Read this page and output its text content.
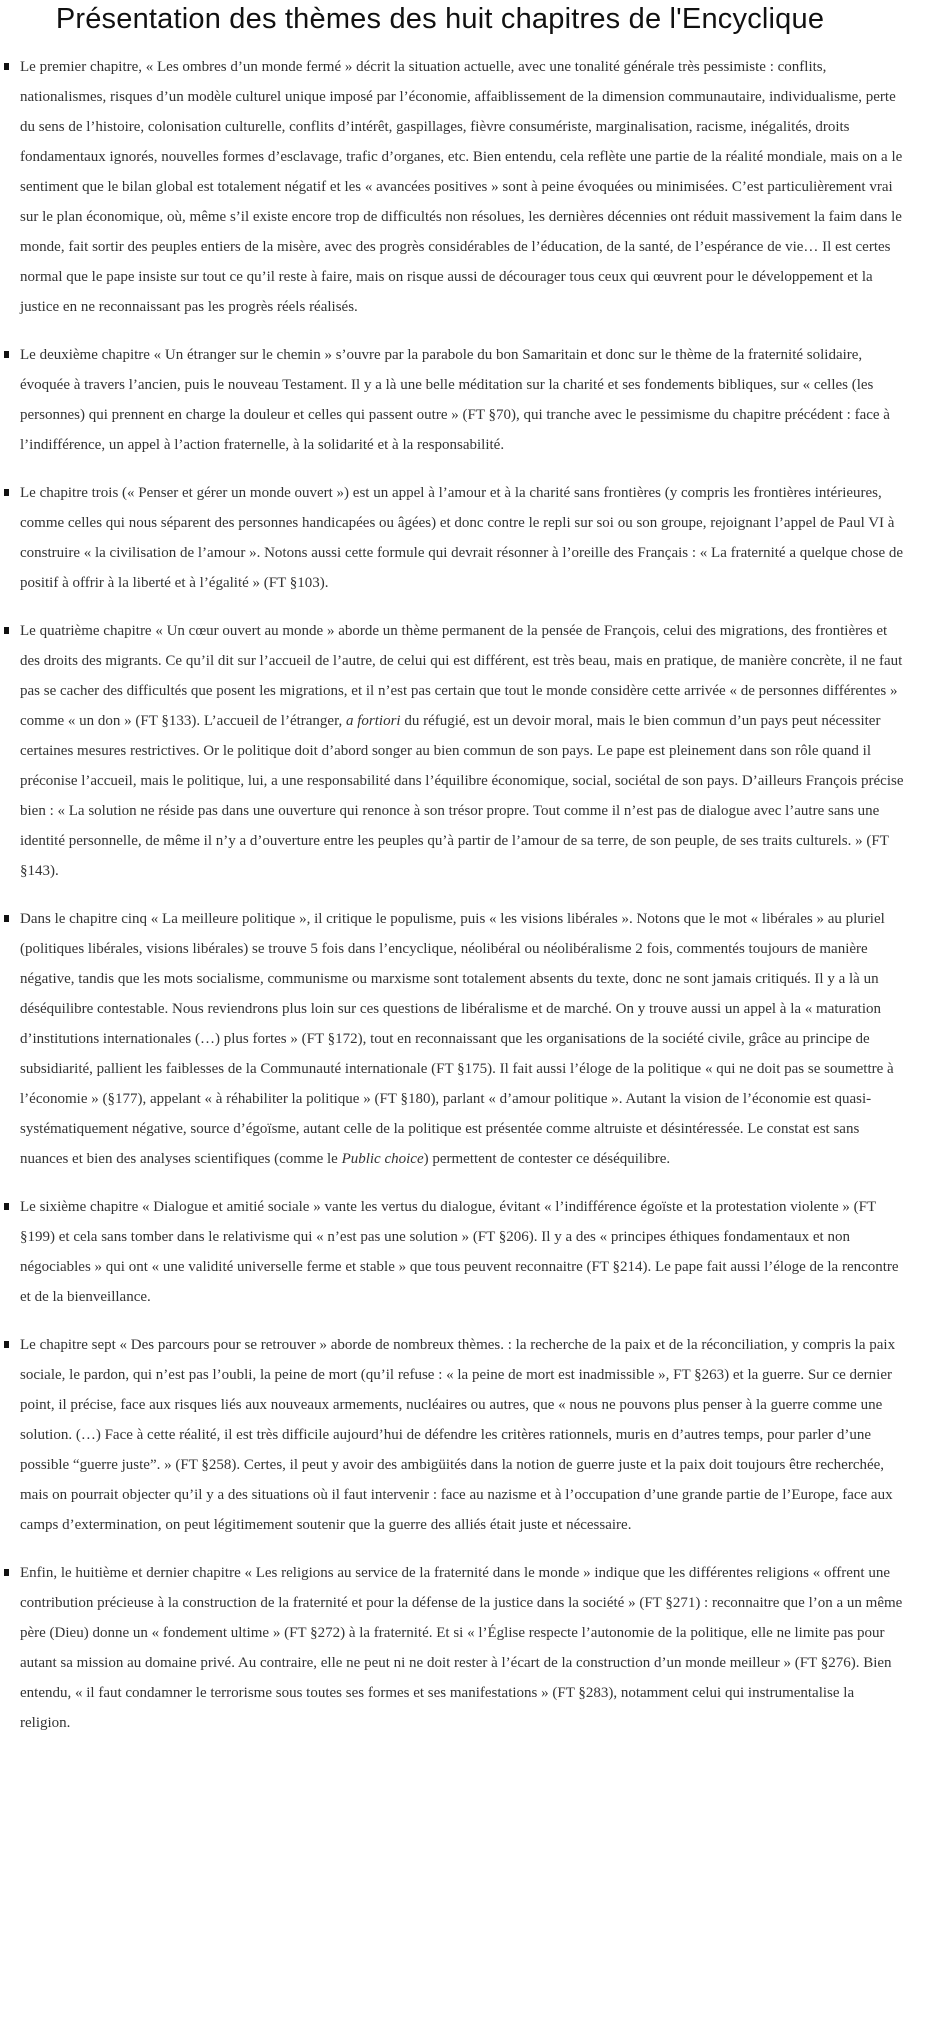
Présentation des thèmes des huit chapitres de l'Encyclique
Le premier chapitre, « Les ombres d’un monde fermé » décrit la situation actuelle, avec une tonalité générale très pessimiste : conflits, nationalismes, risques d’un modèle culturel unique imposé par l’économie, affaiblissement de la dimension communautaire, individualisme, perte du sens de l’histoire, colonisation culturelle, conflits d’intérêt, gaspillages, fièvre consumériste, marginalisation, racisme, inégalités, droits fondamentaux ignorés, nouvelles formes d’esclavage, trafic d’organes, etc. Bien entendu, cela reflète une partie de la réalité mondiale, mais on a le sentiment que le bilan global est totalement négatif et les « avancées positives » sont à peine évoquées ou minimisées. C’est particulièrement vrai sur le plan économique, où, même s’il existe encore trop de difficultés non résolues, les dernières décennies ont réduit massivement la faim dans le monde, fait sortir des peuples entiers de la misère, avec des progrès considérables de l’éducation, de la santé, de l’espérance de vie… Il est certes normal que le pape insiste sur tout ce qu’il reste à faire, mais on risque aussi de décourager tous ceux qui œuvrent pour le développement et la justice en ne reconnaissant pas les progrès réels réalisés.
Le deuxième chapitre « Un étranger sur le chemin » s’ouvre par la parabole du bon Samaritain et donc sur le thème de la fraternité solidaire, évoquée à travers l’ancien, puis le nouveau Testament. Il y a là une belle méditation sur la charité et ses fondements bibliques, sur « celles (les personnes) qui prennent en charge la douleur et celles qui passent outre » (FT §70), qui tranche avec le pessimisme du chapitre précédent : face à l’indifférence, un appel à l’action fraternelle, à la solidarité et à la responsabilité.
Le chapitre trois (« Penser et gérer un monde ouvert ») est un appel à l’amour et à la charité sans frontières (y compris les frontières intérieures, comme celles qui nous séparent des personnes handicapées ou âgées) et donc contre le repli sur soi ou son groupe, rejoignant l’appel de Paul VI à construire « la civilisation de l’amour ». Notons aussi cette formule qui devrait résonner à l’oreille des Français : « La fraternité a quelque chose de positif à offrir à la liberté et à l’égalité » (FT §103).
Le quatrième chapitre « Un cœur ouvert au monde » aborde un thème permanent de la pensée de François, celui des migrations, des frontières et des droits des migrants. Ce qu’il dit sur l’accueil de l’autre, de celui qui est différent, est très beau, mais en pratique, de manière concrète, il ne faut pas se cacher des difficultés que posent les migrations, et il n’est pas certain que tout le monde considère cette arrivée « de personnes différentes » comme « un don » (FT §133). L’accueil de l’étranger, a fortiori du réfugié, est un devoir moral, mais le bien commun d’un pays peut nécessiter certaines mesures restrictives. Or le politique doit d’abord songer au bien commun de son pays. Le pape est pleinement dans son rôle quand il préconise l’accueil, mais le politique, lui, a une responsabilité dans l’équilibre économique, social, sociétal de son pays. D’ailleurs François précise bien : « La solution ne réside pas dans une ouverture qui renonce à son trésor propre. Tout comme il n’est pas de dialogue avec l’autre sans une identité personnelle, de même il n’y a d’ouverture entre les peuples qu’à partir de l’amour de sa terre, de son peuple, de ses traits culturels. » (FT §143).
Dans le chapitre cinq « La meilleure politique », il critique le populisme, puis « les visions libérales ». Notons que le mot « libérales » au pluriel (politiques libérales, visions libérales) se trouve 5 fois dans l’encyclique, néolibéral ou néolibéralisme 2 fois, commentés toujours de manière négative, tandis que les mots socialisme, communisme ou marxisme sont totalement absents du texte, donc ne sont jamais critiqués. Il y a là un déséquilibre contestable. Nous reviendrons plus loin sur ces questions de libéralisme et de marché. On y trouve aussi un appel à la « maturation d’institutions internationales (…) plus fortes » (FT §172), tout en reconnaissant que les organisations de la société civile, grâce au principe de subsidiarité, pallient les faiblesses de la Communauté internationale (FT §175). Il fait aussi l’éloge de la politique « qui ne doit pas se soumettre à l’économie » (§177), appelant « à réhabiliter la politique » (FT §180), parlant « d’amour politique ». Autant la vision de l’économie est quasi-systématiquement négative, source d’égoïsme, autant celle de la politique est présentée comme altruiste et désintéressée. Le constat est sans nuances et bien des analyses scientifiques (comme le Public choice) permettent de contester ce déséquilibre.
Le sixième chapitre « Dialogue et amitié sociale » vante les vertus du dialogue, évitant « l’indifférence égoïste et la protestation violente » (FT §199) et cela sans tomber dans le relativisme qui « n’est pas une solution » (FT §206). Il y a des « principes éthiques fondamentaux et non négociables » qui ont « une validité universelle ferme et stable » que tous peuvent reconnaitre (FT §214). Le pape fait aussi l’éloge de la rencontre et de la bienveillance.
Le chapitre sept « Des parcours pour se retrouver » aborde de nombreux thèmes. : la recherche de la paix et de la réconciliation, y compris la paix sociale, le pardon, qui n’est pas l’oubli, la peine de mort (qu’il refuse : « la peine de mort est inadmissible », FT §263) et la guerre. Sur ce dernier point, il précise, face aux risques liés aux nouveaux armements, nucléaires ou autres, que « nous ne pouvons plus penser à la guerre comme une solution. (…) Face à cette réalité, il est très difficile aujourd’hui de défendre les critères rationnels, muris en d’autres temps, pour parler d’une possible “guerre juste”. » (FT §258). Certes, il peut y avoir des ambigüités dans la notion de guerre juste et la paix doit toujours être recherchée, mais on pourrait objecter qu’il y a des situations où il faut intervenir : face au nazisme et à l’occupation d’une grande partie de l’Europe, face aux camps d’extermination, on peut légitimement soutenir que la guerre des alliés était juste et nécessaire.
Enfin, le huitième et dernier chapitre « Les religions au service de la fraternité dans le monde » indique que les différentes religions « offrent une contribution précieuse à la construction de la fraternité et pour la défense de la justice dans la société » (FT §271) : reconnaitre que l’on a un même père (Dieu) donne un « fondement ultime » (FT §272) à la fraternité. Et si « l’Église respecte l’autonomie de la politique, elle ne limite pas pour autant sa mission au domaine privé. Au contraire, elle ne peut ni ne doit rester à l’écart de la construction d’un monde meilleur » (FT §276). Bien entendu, « il faut condamner le terrorisme sous toutes ses formes et ses manifestations » (FT §283), notamment celui qui instrumentalise la religion.
